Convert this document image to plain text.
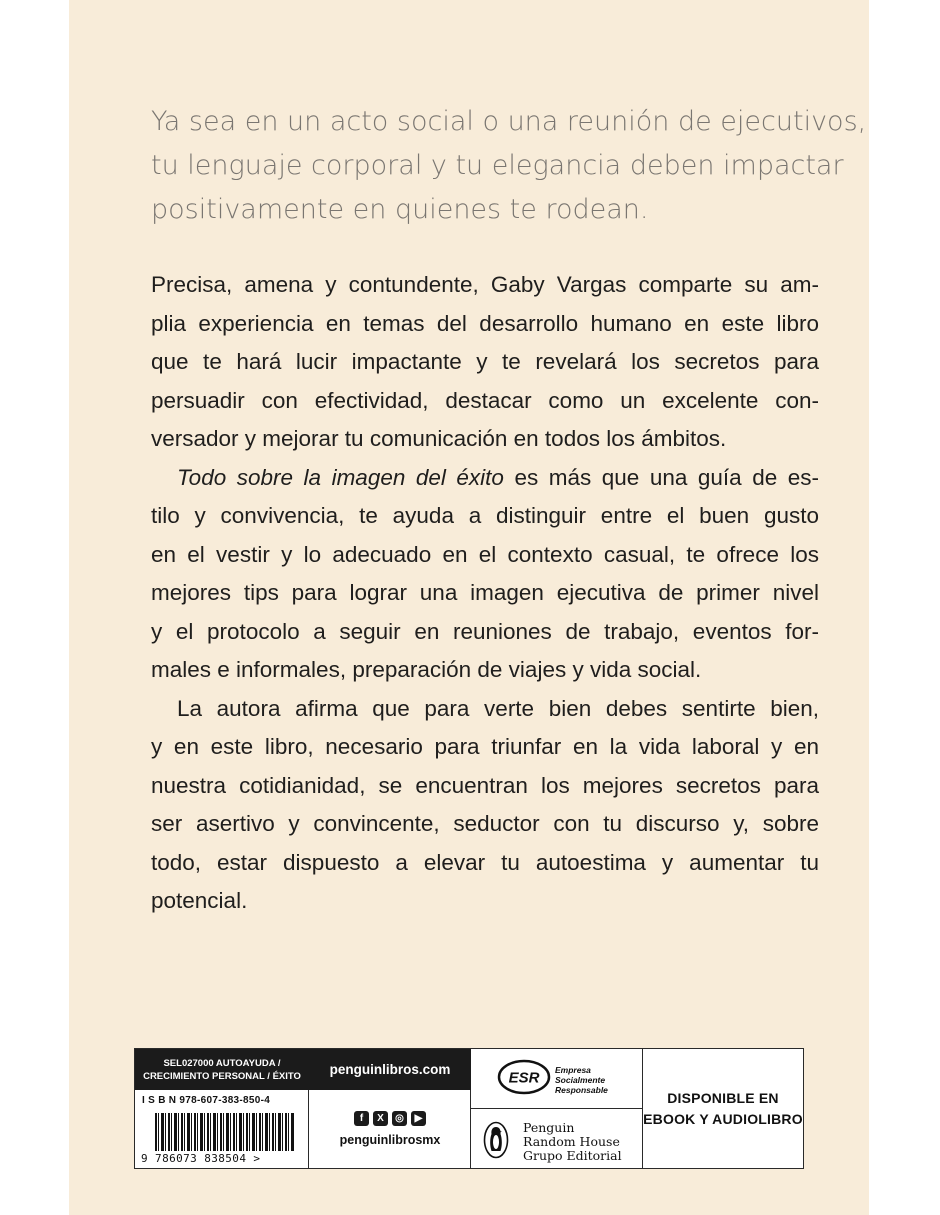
Ya sea en un acto social o una reunión de ejecutivos,
tu lenguaje corporal y tu elegancia deben impactar
positivamente en quienes te rodean.

Precisa, amena y contundente, Gaby Vargas comparte su am-
plia experiencia en temas del desarrollo humano en este libro
que te hará lucir impactante y te revelará los secretos para
persuadir con efectividad, destacar como un excelente con-
versador y mejorar tu comunicación en todos los ámbitos.
Todo sobre la imagen del éxito es más que una guía de es-
tilo y convivencia, te ayuda a distinguir entre el buen gusto
en el vestir y lo adecuado en el contexto casual, te ofrece los
mejores tips para lograr una imagen ejecutiva de primer nivel
y el protocolo a seguir en reuniones de trabajo, eventos for-
males e informales, preparación de viajes y vida social.
La autora afirma que para verte bien debes sentirte bien,
y en este libro, necesario para triunfar en la vida laboral y en
nuestra cotidianidad, se encuentran los mejores secretos para
ser asertivo y convincente, seductor con tu discurso y, sobre
todo, estar dispuesto a elevar tu autoestima y aumentar tu
potencial.
SEL027000 AUTOAYUDA /
CRECIMIENTO PERSONAL / ÉXITO
I S B N 978-607-383-850-4
9 786073 838504 >
penguinlibros.com
f	X	◎	▶
penguinlibrosmx
ESR Empresa
Socialmente
Responsable
Penguin
Random House
Grupo Editorial
DISPONIBLE EN
EBOOK Y AUDIOLIBRO
